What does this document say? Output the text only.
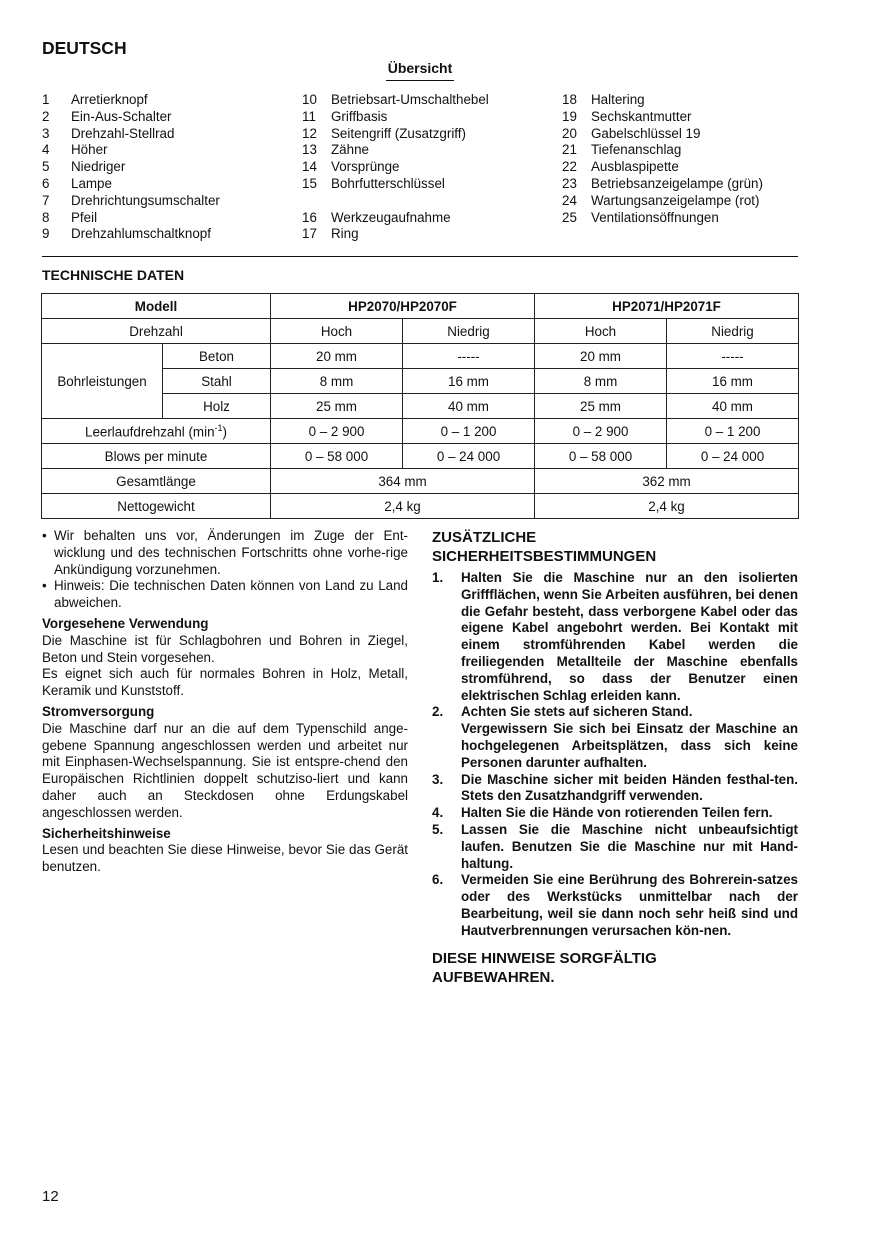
DEUTSCH
Übersicht
1	Arretierknopf
2	Ein-Aus-Schalter
3	Drehzahl-Stellrad
4	Höher
5	Niedriger
6	Lampe
7	Drehrichtungsumschalter
8	Pfeil
9	Drehzahlumschaltknopf
10	Betriebsart-Umschalthebel
11	Griffbasis
12	Seitengriff (Zusatzgriff)
13	Zähne
14	Vorsprünge
15	Bohrfutterschlüssel
16	Werkzeugaufnahme
17	Ring
18	Haltering
19	Sechskantmutter
20	Gabelschlüssel 19
21	Tiefenanschlag
22	Ausblaspipette
23	Betriebsanzeigelampe (grün)
24	Wartungsanzeigelampe (rot)
25	Ventilationsöffnungen
TECHNISCHE DATEN
Modell		HP2070/HP2070F		HP2071/HP2071F	
Drehzahl		Hoch	Niedrig	Hoch	Niedrig
Bohrleistungen	Beton	20 mm	-----	20 mm	-----
	Stahl	8 mm	16 mm	8 mm	16 mm
	Holz	25 mm	40 mm	25 mm	40 mm
Leerlaufdrehzahl $(\min^{-1})$		0 – 2 900	0 – 1 200	0 – 2 900	0 – 1 200
Blows per minute		0 – 58 000	0 – 24 000	0 – 58 000	0 – 24 000
Gesamtlänge		364 mm		362 mm	
Nettogewicht		2,4 kg		2,4 kg	
• Wir behalten uns vor, Änderungen im Zuge der Ent-wicklung und des technischen Fortschritts ohne vorhe-rige Ankündigung vorzunehmen.
• Hinweis: Die technischen Daten können von Land zu Land abweichen.
Vorgesehene Verwendung

Die Maschine ist für Schlagbohren und Bohren in Ziegel, Beton und Stein vorgesehen.

Es eignet sich auch für normales Bohren in Holz, Metall, Keramik und Kunststoff.

Stromversorgung

Die Maschine darf nur an die auf dem Typenschild ange-gebene Spannung angeschlossen werden und arbeitet nur mit Einphasen-Wechselspannung. Sie ist entspre-chend den Europäischen Richtlinien doppelt schutziso-liert und kann daher auch an Steckdosen ohne Erdungskabel angeschlossen werden.

Sicherheitshinweise

Lesen und beachten Sie diese Hinweise, bevor Sie das Gerät benutzen.

ZUSÄTZLICHE
SICHERHEITSBESTIMMUNGEN
1.	Halten Sie die Maschine nur an den isolierten Griffflächen, wenn Sie Arbeiten ausführen, bei denen die Gefahr besteht, dass verborgene Kabel oder das eigene Kabel angebohrt werden. Bei Kontakt mit einem stromführenden Kabel werden die freiliegenden Metallteile der Maschine ebenfalls stromführend, so dass der Benutzer einen elektrischen Schlag erleiden kann.
2.	Achten Sie stets auf sicheren Stand.
Vergewissern Sie sich bei Einsatz der Maschine an hochgelegenen Arbeitsplätzen, dass sich keine Personen darunter aufhalten.
3.	Die Maschine sicher mit beiden Händen festhal-ten. Stets den Zusatzhandgriff verwenden.
4.	Halten Sie die Hände von rotierenden Teilen fern.
5.	Lassen Sie die Maschine nicht unbeaufsichtigt laufen. Benutzen Sie die Maschine nur mit Hand-haltung.
6.	Vermeiden Sie eine Berührung des Bohrerein-satzes oder des Werkstücks unmittelbar nach der Bearbeitung, weil sie dann noch sehr heiß sind und Hautverbrennungen verursachen kön-nen.
DIESE HINWEISE SORGFÄLTIG
AUFBEWAHREN.
12
